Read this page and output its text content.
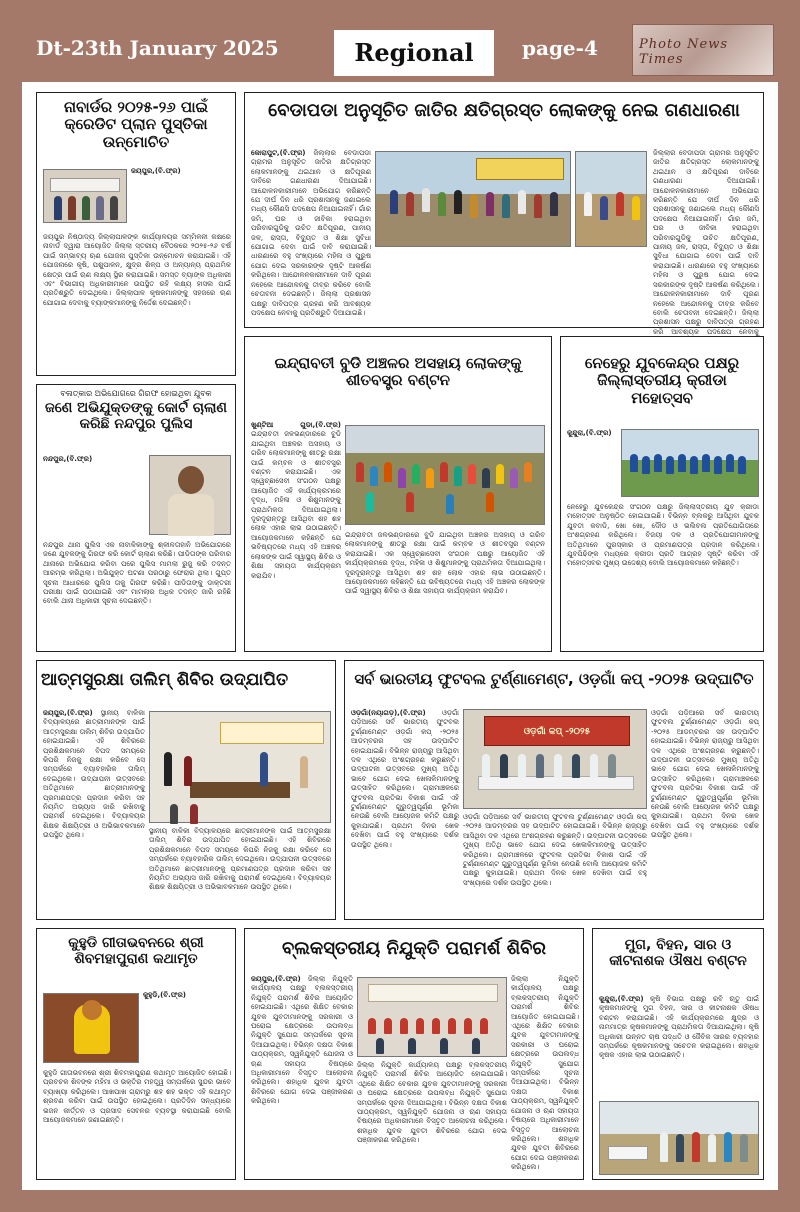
Dt-23th January 2025	Regional	page-4	Photo News Times
ନାବାର୍ଡର ୨୦୨୫-୨୬ ପାଇଁ କ୍ରେଡିଟ ପ୍ଲାନ ପୁସ୍ତିକା ଉନ୍ମୋଚିତ
ଜୟପୁର,(ବି.ଫ୍ର)
ଜୟପୁର ନିଷ୍ଠାଦ୍ୟ ଜିଲ୍ଲାପାଳଙ୍କ କାର୍ଯ୍ୟାଳୟର ସମ୍ମିଳନୀ କକ୍ଷରେ ନାବାର୍ଡ ଦ୍ୱାରା ଆୟୋଜିତ ଜିଲ୍ଲା ସ୍ତରୀୟ ବୈଠକରେ ୨୦୨୫-୨୬ ବର୍ଷ ପାଇଁ ସମ୍ଭାବ୍ୟ ଋଣ ଯୋଜନା ପୁସ୍ତିକା ଉନ୍ମୋଚନ କରାଯାଇଛି। ଏହି ଯୋଜନାରେ କୃଷି, ପଶୁପାଳନ, କ୍ଷୁଦ୍ର ଶିଳ୍ପ ଓ ଅନ୍ୟାନ୍ୟ ପ୍ରାଥମିକ କ୍ଷେତ୍ର ପାଇଁ ଋଣ ଲକ୍ଷ୍ୟ ସ୍ଥିର କରାଯାଇଛି। ସମସ୍ତ ବ୍ୟାଙ୍କ ଅଧିକାରୀ ଏବଂ ବିଭାଗୀୟ ଅଧିକାରୀମାନେ ଉପସ୍ଥିତ ରହି ଲକ୍ଷ୍ୟ ହାସଲ ପାଇଁ ପ୍ରତିଶ୍ରୁତି ଦେଇଥିଲେ। ଜିଲ୍ଲାପାଳ କୃଷକମାନଙ୍କୁ ସହଜରେ ଋଣ ଯୋଗାଇ ଦେବାକୁ ବ୍ୟାଙ୍କମାନଙ୍କୁ ନିର୍ଦ୍ଦେଶ ଦେଇଛନ୍ତି।
ବେଡାପଡା ଅନୁସୂଚିତ ଜାତିର କ୍ଷତିଗ୍ରସ୍ତ ଲୋକଙ୍କୁ ନେଇ ଗଣଧାରଣା
କୋରାପୁଟ,(ବି.ଫ୍ର) ଜିଲ୍ଲାର ବେଡାପଡା ଗ୍ରାମର ଅନୁସୂଚିତ ଜାତିର କ୍ଷତିଗ୍ରସ୍ତ ଲୋକମାନଙ୍କୁ ଥଇଥାନ ଓ କ୍ଷତିପୂରଣ ଦାବିରେ ଗଣଧାରଣା ଦିଆଯାଇଛି। ଆନ୍ଦୋଳନକାରୀମାନେ ଅଭିଯୋଗ କରିଛନ୍ତି ଯେ ଦୀର୍ଘ ଦିନ ଧରି ପ୍ରଶାସନକୁ ଜଣାଇଲେ ମଧ୍ୟ କୌଣସି ପଦକ୍ଷେପ ନିଆଯାଇନାହିଁ। ଗାଁର ଜମି, ଘର ଓ ଜୀବିକା ହରାଇଥିବା ପରିବାରଗୁଡିକୁ ଉଚିତ କ୍ଷତିପୂରଣ, ପାନୀୟ ଜଳ, ରାସ୍ତା, ବିଦ୍ୟୁତ ଓ ଶିକ୍ଷା ସୁବିଧା ଯୋଗାଇ ଦେବା ପାଇଁ ଦାବି କରାଯାଇଛି। ଧାରଣାରେ ବହୁ ସଂଖ୍ୟାରେ ମହିଳା ଓ ପୁରୁଷ ଯୋଗ ଦେଇ ସରକାରଙ୍କ ଦୃଷ୍ଟି ଆକର୍ଷଣ କରିଥିଲେ। ଆନ୍ଦୋଳନକାରୀମାନେ ଦାବି ପୂରଣ ନହେଲେ ଆନ୍ଦୋଳନକୁ ତୀବ୍ର କରିବେ ବୋଲି ଚେତାବନୀ ଦେଇଛନ୍ତି। ଜିଲ୍ଲା ପ୍ରଶାସନ ପକ୍ଷରୁ ଦାବିପତ୍ର ଗ୍ରହଣ କରି ଆବଶ୍ୟକ ପଦକ୍ଷେପ ନେବାକୁ ପ୍ରତିଶ୍ରୁତି ଦିଆଯାଇଛି।
ଜିଲ୍ଲାର ବେଡାପଡା ଗ୍ରାମର ଅନୁସୂଚିତ ଜାତିର କ୍ଷତିଗ୍ରସ୍ତ ଲୋକମାନଙ୍କୁ ଥଇଥାନ ଓ କ୍ଷତିପୂରଣ ଦାବିରେ ଗଣଧାରଣା ଦିଆଯାଇଛି। ଆନ୍ଦୋଳନକାରୀମାନେ ଅଭିଯୋଗ କରିଛନ୍ତି ଯେ ଦୀର୍ଘ ଦିନ ଧରି ପ୍ରଶାସନକୁ ଜଣାଇଲେ ମଧ୍ୟ କୌଣସି ପଦକ୍ଷେପ ନିଆଯାଇନାହିଁ। ଗାଁର ଜମି, ଘର ଓ ଜୀବିକା ହରାଇଥିବା ପରିବାରଗୁଡିକୁ ଉଚିତ କ୍ଷତିପୂରଣ, ପାନୀୟ ଜଳ, ରାସ୍ତା, ବିଦ୍ୟୁତ ଓ ଶିକ୍ଷା ସୁବିଧା ଯୋଗାଇ ଦେବା ପାଇଁ ଦାବି କରାଯାଇଛି। ଧାରଣାରେ ବହୁ ସଂଖ୍ୟାରେ ମହିଳା ଓ ପୁରୁଷ ଯୋଗ ଦେଇ ସରକାରଙ୍କ ଦୃଷ୍ଟି ଆକର୍ଷଣ କରିଥିଲେ। ଆନ୍ଦୋଳନକାରୀମାନେ ଦାବି ପୂରଣ ନହେଲେ ଆନ୍ଦୋଳନକୁ ତୀବ୍ର କରିବେ ବୋଲି ଚେତାବନୀ ଦେଇଛନ୍ତି। ଜିଲ୍ଲା ପ୍ରଶାସନ ପକ୍ଷରୁ ଦାବିପତ୍ର ଗ୍ରହଣ କରି ଆବଶ୍ୟକ ପଦକ୍ଷେପ ନେବାକୁ
ବଳାତ୍କାର ଅଭିଯୋଗରେ ଗିରଫ ହୋଇଥିବା ଯୁବକ
ଜଣେ ଅଭିଯୁକ୍ତଙ୍କୁ କୋର୍ଟ ଚାଲାଣ କରିଛି ନନ୍ଦପୁର ପୁଲିସ
ନନ୍ଦପୁର,(ବି.ଫ୍ର)
ନନ୍ଦପୁର ଥାନା ପୁଲିସ ଏକ ନାବାଳିକାଙ୍କୁ ଶ୍ଳୀଳତାହାନି ଅଭିଯୋଗରେ ଜଣେ ଯୁବକଙ୍କୁ ଗିରଫ କରି କୋର୍ଟ ଚାଲାଣ କରିଛି। ପୀଡିତାଙ୍କ ପରିବାର ଥାନାରେ ଅଭିଯୋଗ କରିବା ପରେ ପୁଲିସ ମାମଲା ରୁଜୁ କରି ତଦନ୍ତ ଆରମ୍ଭ କରିଥିଲା। ଅଭିଯୁକ୍ତ ଘଟଣା ପରଠାରୁ ଫେରାର ଥିଲା। ଗୁପ୍ତ ସୂଚନା ଆଧାରରେ ପୁଲିସ ତାକୁ ଗିରଫ କରିଛି। ପୀଡିତାଙ୍କୁ ଡାକ୍ତରୀ ପରୀକ୍ଷା ପାଇଁ ପଠାଯାଇଛି ଏବଂ ମାମଲାର ଅଧିକ ତଦନ୍ତ ଜାରି ରହିଛି ବୋଲି ଥାନା ଅଧିକାରୀ ସୂଚନା ଦେଇଛନ୍ତି।
ଇନ୍ଦ୍ରାବତୀ ବୁଡି ଅଞ୍ଚଳର ଅସହାୟ ଲୋକଙ୍କୁ ଶୀତବସ୍ତ୍ର ବଣ୍ଟନ
ଖୁଣ୍ଟିଆ ଗୁଡା,(ବି.ଫ୍ର) ଇନ୍ଦ୍ରାବତୀ ଜଳଭଣ୍ଡାରରେ ବୁଡି ଯାଇଥିବା ଅଞ୍ଚଳର ଅସହାୟ ଓ ଗରିବ ଲୋକମାନଙ୍କୁ ଶୀତରୁ ରକ୍ଷା ପାଇଁ କମ୍ବଳ ଓ ଶୀତବସ୍ତ୍ର ବଣ୍ଟନ କରାଯାଇଛି। ଏକ ସ୍ୱେଚ୍ଛାସେବୀ ସଂଗଠନ ପକ୍ଷରୁ ଆୟୋଜିତ ଏହି କାର୍ଯ୍ୟକ୍ରମରେ ବୃଦ୍ଧ, ମହିଳା ଓ ଶିଶୁମାନଙ୍କୁ ପ୍ରାଥମିକତା ଦିଆଯାଇଥିଲା। ଦୂରଦୂରାନ୍ତରୁ ଆସିଥିବା ଶହ ଶହ ଲୋକ ଏହାର ଲାଭ ଉଠାଇଛନ୍ତି। ଆୟୋଜକମାନେ କହିଛନ୍ତି ଯେ ଭବିଷ୍ୟତରେ ମଧ୍ୟ ଏହି ଅଞ୍ଚଳର ଲୋକଙ୍କ ପାଇଁ ସ୍ୱାସ୍ଥ୍ୟ ଶିବିର ଓ ଶିକ୍ଷା ସହାୟତା କାର୍ଯ୍ୟକ୍ରମ କରାଯିବ।
ଇନ୍ଦ୍ରାବତୀ ଜଳଭଣ୍ଡାରରେ ବୁଡି ଯାଇଥିବା ଅଞ୍ଚଳର ଅସହାୟ ଓ ଗରିବ ଲୋକମାନଙ୍କୁ ଶୀତରୁ ରକ୍ଷା ପାଇଁ କମ୍ବଳ ଓ ଶୀତବସ୍ତ୍ର ବଣ୍ଟନ କରାଯାଇଛି। ଏକ ସ୍ୱେଚ୍ଛାସେବୀ ସଂଗଠନ ପକ୍ଷରୁ ଆୟୋଜିତ ଏହି କାର୍ଯ୍ୟକ୍ରମରେ ବୃଦ୍ଧ, ମହିଳା ଓ ଶିଶୁମାନଙ୍କୁ ପ୍ରାଥମିକତା ଦିଆଯାଇଥିଲା। ଦୂରଦୂରାନ୍ତରୁ ଆସିଥିବା ଶହ ଶହ ଲୋକ ଏହାର ଲାଭ ଉଠାଇଛନ୍ତି। ଆୟୋଜକମାନେ କହିଛନ୍ତି ଯେ ଭବିଷ୍ୟତରେ ମଧ୍ୟ ଏହି ଅଞ୍ଚଳର ଲୋକଙ୍କ ପାଇଁ ସ୍ୱାସ୍ଥ୍ୟ ଶିବିର ଓ ଶିକ୍ଷା ସହାୟତା କାର୍ଯ୍ୟକ୍ରମ କରାଯିବ।
ନେହେରୁ ଯୁବକେନ୍ଦ୍ର ପକ୍ଷରୁ ଜିଲ୍ଲାସ୍ତରୀୟ କ୍ରୀଡା ମହୋତ୍ସବ
କୁନ୍ଦୁରା,(ବି.ଫ୍ର)
ନେହେରୁ ଯୁବକେନ୍ଦ୍ର ସଂଗଠନ ପକ୍ଷରୁ ଜିଲ୍ଲାସ୍ତରୀୟ ଯୁବ କ୍ରୀଡା ମହୋତ୍ସବ ଅନୁଷ୍ଠିତ ହୋଇଯାଇଛି। ବିଭିନ୍ନ ବ୍ଲକରୁ ଆସିଥିବା ଯୁବକ ଯୁବତୀ କବାଡି, ଖୋ ଖୋ, ଦୌଡ ଓ ଭଲିବଲ ପ୍ରତିଯୋଗିତାରେ ଅଂଶଗ୍ରହଣ କରିଥିଲେ। ବିଜୟୀ ଦଳ ଓ ପ୍ରତିଯୋଗୀମାନଙ୍କୁ ଅତିଥିମାନେ ପୁରସ୍କାର ଓ ପ୍ରମାଣପତ୍ର ପ୍ରଦାନ କରିଥିଲେ। ଯୁବପିଢିଙ୍କ ମଧ୍ୟରେ କ୍ରୀଡା ପ୍ରତି ଆଗ୍ରହ ସୃଷ୍ଟି କରିବା ଏହି ମହୋତ୍ସବର ମୁଖ୍ୟ ଉଦ୍ଦେଶ୍ୟ ବୋଲି ଆୟୋଜକମାନେ କହିଛନ୍ତି।
ଆତ୍ମସୁରକ୍ଷା ତାଲିମ୍ ଶିବିର ଉଦ୍‌ଯାପିତ
ଜୟପୁର,(ବି.ଫ୍ର) ସ୍ଥାନୀୟ ବାଳିକା ବିଦ୍ୟାଳୟରେ ଛାତ୍ରୀମାନଙ୍କ ପାଇଁ ଆତ୍ମସୁରକ୍ଷା ତାଲିମ୍ ଶିବିର ଉଦ୍‌ଯାପିତ ହୋଇଯାଇଛି। ଏହି ଶିବିରରେ ପ୍ରଶିକ୍ଷକମାନେ ବିପଦ ସମୟରେ କିପରି ନିଜକୁ ରକ୍ଷା କରିବେ ସେ ସମ୍ପର୍କରେ ବ୍ୟାବହାରିକ ତାଲିମ୍ ଦେଇଥିଲେ। ଉଦ୍‌ଯାପନୀ ଉତ୍ସବରେ ଅତିଥିମାନେ ଛାତ୍ରୀମାନଙ୍କୁ ପ୍ରମାଣପତ୍ର ପ୍ରଦାନ କରିବା ସହ ନିୟମିତ ଅଭ୍ୟାସ ଜାରି ରଖିବାକୁ ପରାମର୍ଶ ଦେଇଥିଲେ। ବିଦ୍ୟାଳୟର ଶିକ୍ଷକ ଶିକ୍ଷୟିତ୍ରୀ ଓ ଅଭିଭାବକମାନେ ଉପସ୍ଥିତ ଥିଲେ।
ସ୍ଥାନୀୟ ବାଳିକା ବିଦ୍ୟାଳୟରେ ଛାତ୍ରୀମାନଙ୍କ ପାଇଁ ଆତ୍ମସୁରକ୍ଷା ତାଲିମ୍ ଶିବିର ଉଦ୍‌ଯାପିତ ହୋଇଯାଇଛି। ଏହି ଶିବିରରେ ପ୍ରଶିକ୍ଷକମାନେ ବିପଦ ସମୟରେ କିପରି ନିଜକୁ ରକ୍ଷା କରିବେ ସେ ସମ୍ପର୍କରେ ବ୍ୟାବହାରିକ ତାଲିମ୍ ଦେଇଥିଲେ। ଉଦ୍‌ଯାପନୀ ଉତ୍ସବରେ ଅତିଥିମାନେ ଛାତ୍ରୀମାନଙ୍କୁ ପ୍ରମାଣପତ୍ର ପ୍ରଦାନ କରିବା ସହ ନିୟମିତ ଅଭ୍ୟାସ ଜାରି ରଖିବାକୁ ପରାମର୍ଶ ଦେଇଥିଲେ। ବିଦ୍ୟାଳୟର ଶିକ୍ଷକ ଶିକ୍ଷୟିତ୍ରୀ ଓ ଅଭିଭାବକମାନେ ଉପସ୍ଥିତ ଥିଲେ।
ସର୍ବ ଭାରତୀୟ ଫୁଟବଲ ଟୁର୍ଣ୍ଣାମେଣ୍ଟ, ଓଡ଼ଗାଁ କପ୍ -୨୦୨୫ ଉଦ୍‌ଘାଟିତ
ଓଡ଼ଗାଁ କପ୍ -୨୦୨୫
ଓଡ଼ଗାଁ(ନୟାଗଡ଼),(ବି.ଫ୍ର) ଓଡ଼ଗାଁ ପଡ଼ିଆରେ ସର୍ବ ଭାରତୀୟ ଫୁଟବଲ ଟୁର୍ଣ୍ଣାମେଣ୍ଟ ଓଡ଼ଗାଁ କପ୍ -୨୦୨୫ ଆଡମ୍ବରର ସହ ଉଦ୍‌ଘାଟିତ ହୋଇଯାଇଛି। ବିଭିନ୍ନ ରାଜ୍ୟରୁ ଆସିଥିବା ଦଳ ଏଥିରେ ଅଂଶଗ୍ରହଣ କରୁଛନ୍ତି। ଉଦ୍‌ଘାଟନୀ ଉତ୍ସବରେ ମୁଖ୍ୟ ଅତିଥି ଭାବେ ଯୋଗ ଦେଇ ଖେଳାଳିମାନଙ୍କୁ ଉତ୍ସାହିତ କରିଥିଲେ। ଗ୍ରାମାଞ୍ଚଳରେ ଫୁଟବଲ ପ୍ରତିଭା ବିକାଶ ପାଇଁ ଏହି ଟୁର୍ଣ୍ଣାମେଣ୍ଟ ଗୁରୁତ୍ୱପୂର୍ଣ୍ଣ ଭୂମିକା ନେଉଛି ବୋଲି ଆୟୋଜକ କମିଟି ପକ୍ଷରୁ କୁହାଯାଇଛି। ପ୍ରଥମ ଦିନର ଖେଳ ଦେଖିବା ପାଇଁ ବହୁ ସଂଖ୍ୟାରେ ଦର୍ଶକ ଉପସ୍ଥିତ ଥିଲେ।
ଓଡ଼ଗାଁ ପଡ଼ିଆରେ ସର୍ବ ଭାରତୀୟ ଫୁଟବଲ ଟୁର୍ଣ୍ଣାମେଣ୍ଟ ଓଡ଼ଗାଁ କପ୍ -୨୦୨୫ ଆଡମ୍ବରର ସହ ଉଦ୍‌ଘାଟିତ ହୋଇଯାଇଛି। ବିଭିନ୍ନ ରାଜ୍ୟରୁ ଆସିଥିବା ଦଳ ଏଥିରେ ଅଂଶଗ୍ରହଣ କରୁଛନ୍ତି। ଉଦ୍‌ଘାଟନୀ ଉତ୍ସବରେ ମୁଖ୍ୟ ଅତିଥି ଭାବେ ଯୋଗ ଦେଇ ଖେଳାଳିମାନଙ୍କୁ ଉତ୍ସାହିତ କରିଥିଲେ। ଗ୍ରାମାଞ୍ଚଳରେ ଫୁଟବଲ ପ୍ରତିଭା ବିକାଶ ପାଇଁ ଏହି ଟୁର୍ଣ୍ଣାମେଣ୍ଟ ଗୁରୁତ୍ୱପୂର୍ଣ୍ଣ ଭୂମିକା ନେଉଛି ବୋଲି ଆୟୋଜକ କମିଟି ପକ୍ଷରୁ କୁହାଯାଇଛି। ପ୍ରଥମ ଦିନର ଖେଳ ଦେଖିବା ପାଇଁ ବହୁ ସଂଖ୍ୟାରେ ଦର୍ଶକ ଉପସ୍ଥିତ ଥିଲେ।
ଓଡ଼ଗାଁ ପଡ଼ିଆରେ ସର୍ବ ଭାରତୀୟ ଫୁଟବଲ ଟୁର୍ଣ୍ଣାମେଣ୍ଟ ଓଡ଼ଗାଁ କପ୍ -୨୦୨୫ ଆଡମ୍ବରର ସହ ଉଦ୍‌ଘାଟିତ ହୋଇଯାଇଛି। ବିଭିନ୍ନ ରାଜ୍ୟରୁ ଆସିଥିବା ଦଳ ଏଥିରେ ଅଂଶଗ୍ରହଣ କରୁଛନ୍ତି। ଉଦ୍‌ଘାଟନୀ ଉତ୍ସବରେ ମୁଖ୍ୟ ଅତିଥି ଭାବେ ଯୋଗ ଦେଇ ଖେଳାଳିମାନଙ୍କୁ ଉତ୍ସାହିତ କରିଥିଲେ। ଗ୍ରାମାଞ୍ଚଳରେ ଫୁଟବଲ ପ୍ରତିଭା ବିକାଶ ପାଇଁ ଏହି ଟୁର୍ଣ୍ଣାମେଣ୍ଟ ଗୁରୁତ୍ୱପୂର୍ଣ୍ଣ ଭୂମିକା ନେଉଛି ବୋଲି ଆୟୋଜକ କମିଟି ପକ୍ଷରୁ କୁହାଯାଇଛି। ପ୍ରଥମ ଦିନର ଖେଳ ଦେଖିବା ପାଇଁ ବହୁ ସଂଖ୍ୟାରେ ଦର୍ଶକ ଉପସ୍ଥିତ ଥିଲେ।
କୁହୁଡି ଗୀତାଭବନରେ ଶ୍ରୀ ଶିବମହାପୁରାଣ କଥାମୃତ
କୁହୁଡି,(ବି.ଫ୍ର)
କୁହୁଡି ଗୀତାଭବନରେ ଶ୍ରୀ ଶିବମହାପୁରାଣ କଥାମୃତ ଆୟୋଜିତ ହୋଇଛି। ପ୍ରବଚକ ଶିବଙ୍କ ମହିମା ଓ ଭକ୍ତିର ମହତ୍ତ୍ୱ ସମ୍ପର୍କରେ ସୁନ୍ଦର ଭାବେ ବ୍ୟାଖ୍ୟା କରିଥିଲେ। ଆଖପାଖ ଗ୍ରାମରୁ ଶହ ଶହ ଭକ୍ତ ଏହି କଥାମୃତ ଶ୍ରବଣ କରିବା ପାଇଁ ଉପସ୍ଥିତ ହୋଇଥିଲେ। ପ୍ରତିଦିନ ସନ୍ଧ୍ୟାରେ ଭଜନ କୀର୍ତ୍ତନ ଓ ପ୍ରସାଦ ସେବନର ବ୍ୟବସ୍ଥା କରାଯାଇଛି ବୋଲି ଆୟୋଜକମାନେ ଜଣାଇଛନ୍ତି।
ବ୍ଲକସ୍ତରୀୟ ନିଯୁକ୍ତି ପରାମର୍ଶ ଶିବିର
ଜୟପୁର,(ବି.ଫ୍ର) ଜିଲ୍ଲା ନିଯୁକ୍ତି କାର୍ଯ୍ୟାଳୟ ପକ୍ଷରୁ ବ୍ଲକସ୍ତରୀୟ ନିଯୁକ୍ତି ପରାମର୍ଶ ଶିବିର ଆୟୋଜିତ ହୋଇଯାଇଛି। ଏଥିରେ ଶିକ୍ଷିତ ବେକାର ଯୁବକ ଯୁବତୀମାନଙ୍କୁ ସରକାରୀ ଓ ଘରୋଇ କ୍ଷେତ୍ରରେ ଉପଲବ୍ଧ ନିଯୁକ୍ତି ସୁଯୋଗ ସମ୍ପର୍କରେ ସୂଚନା ଦିଆଯାଇଥିଲା। ବିଭିନ୍ନ ଦକ୍ଷତା ବିକାଶ ପାଠ୍ୟକ୍ରମ, ସ୍ୱନିଯୁକ୍ତି ଯୋଜନା ଓ ଋଣ ସହାୟତା ବିଷୟରେ ଅଧିକାରୀମାନେ ବିସ୍ତୃତ ଆଲୋଚନା କରିଥିଲେ। ଶହାଧିକ ଯୁବକ ଯୁବତୀ ଶିବିରରେ ଯୋଗ ଦେଇ ପଞ୍ଜୀକରଣ କରିଥିଲେ।
ଜିଲ୍ଲା ନିଯୁକ୍ତି କାର୍ଯ୍ୟାଳୟ ପକ୍ଷରୁ ବ୍ଲକସ୍ତରୀୟ ନିଯୁକ୍ତି ପରାମର୍ଶ ଶିବିର ଆୟୋଜିତ ହୋଇଯାଇଛି। ଏଥିରେ ଶିକ୍ଷିତ ବେକାର ଯୁବକ ଯୁବତୀମାନଙ୍କୁ ସରକାରୀ ଓ ଘରୋଇ କ୍ଷେତ୍ରରେ ଉପଲବ୍ଧ ନିଯୁକ୍ତି ସୁଯୋଗ ସମ୍ପର୍କରେ ସୂଚନା ଦିଆଯାଇଥିଲା। ବିଭିନ୍ନ ଦକ୍ଷତା ବିକାଶ ପାଠ୍ୟକ୍ରମ, ସ୍ୱନିଯୁକ୍ତି ଯୋଜନା ଓ ଋଣ ସହାୟତା ବିଷୟରେ ଅଧିକାରୀମାନେ ବିସ୍ତୃତ ଆଲୋଚନା କରିଥିଲେ। ଶହାଧିକ ଯୁବକ ଯୁବତୀ ଶିବିରରେ ଯୋଗ ଦେଇ ପଞ୍ଜୀକରଣ କରିଥିଲେ।
ଜିଲ୍ଲା ନିଯୁକ୍ତି କାର୍ଯ୍ୟାଳୟ ପକ୍ଷରୁ ବ୍ଲକସ୍ତରୀୟ ନିଯୁକ୍ତି ପରାମର୍ଶ ଶିବିର ଆୟୋଜିତ ହୋଇଯାଇଛି। ଏଥିରେ ଶିକ୍ଷିତ ବେକାର ଯୁବକ ଯୁବତୀମାନଙ୍କୁ ସରକାରୀ ଓ ଘରୋଇ କ୍ଷେତ୍ରରେ ଉପଲବ୍ଧ ନିଯୁକ୍ତି ସୁଯୋଗ ସମ୍ପର୍କରେ ସୂଚନା ଦିଆଯାଇଥିଲା। ବିଭିନ୍ନ ଦକ୍ଷତା ବିକାଶ ପାଠ୍ୟକ୍ରମ, ସ୍ୱନିଯୁକ୍ତି ଯୋଜନା ଓ ଋଣ ସହାୟତା ବିଷୟରେ ଅଧିକାରୀମାନେ ବିସ୍ତୃତ ଆଲୋଚନା କରିଥିଲେ। ଶହାଧିକ ଯୁବକ ଯୁବତୀ ଶିବିରରେ ଯୋଗ ଦେଇ ପଞ୍ଜୀକରଣ କରିଥିଲେ।
ମୁଗ, ବିହନ, ସାର ଓ କୀଟନାଶକ ଔଷଧ ବଣ୍ଟନ
କୁନ୍ଦୁରା,(ବି.ଫ୍ର) କୃଷି ବିଭାଗ ପକ୍ଷରୁ ରବି ଋତୁ ପାଇଁ କୃଷକମାନଙ୍କୁ ମୁଗ ବିହନ, ସାର ଓ କୀଟନାଶକ ଔଷଧ ବଣ୍ଟନ କରାଯାଇଛି। ଏହି କାର୍ଯ୍ୟକ୍ରମରେ କ୍ଷୁଦ୍ର ଓ ନାମମାତ୍ର କୃଷକମାନଙ୍କୁ ପ୍ରାଥମିକତା ଦିଆଯାଇଥିଲା। କୃଷି ଅଧିକାରୀ ଉନ୍ନତ ଚାଷ ପଦ୍ଧତି ଓ ଜୈବିକ ସାରର ବ୍ୟବହାର ସମ୍ପର୍କରେ କୃଷକମାନଙ୍କୁ ସଚେତନ କରାଇଥିଲେ। ଶହାଧିକ କୃଷକ ଏହାର ଲାଭ ଉଠାଇଛନ୍ତି।
